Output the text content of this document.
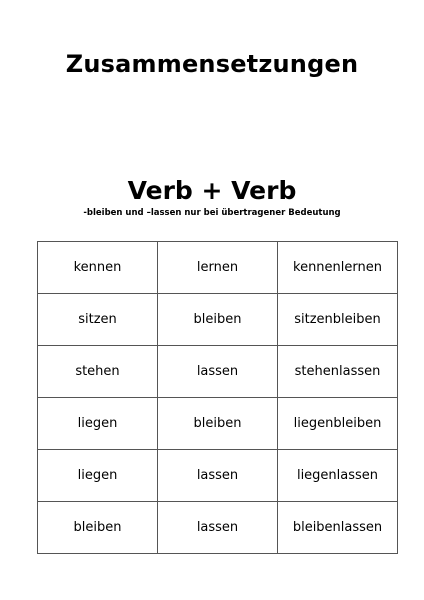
Zusammensetzungen
Verb + Verb
-bleiben und –lassen nur bei übertragener Bedeutung
kennen	lernen	kennenlernen
sitzen	bleiben	sitzenbleiben
stehen	lassen	stehenlassen
liegen	bleiben	liegenbleiben
liegen	lassen	liegenlassen
bleiben	lassen	bleibenlassen
